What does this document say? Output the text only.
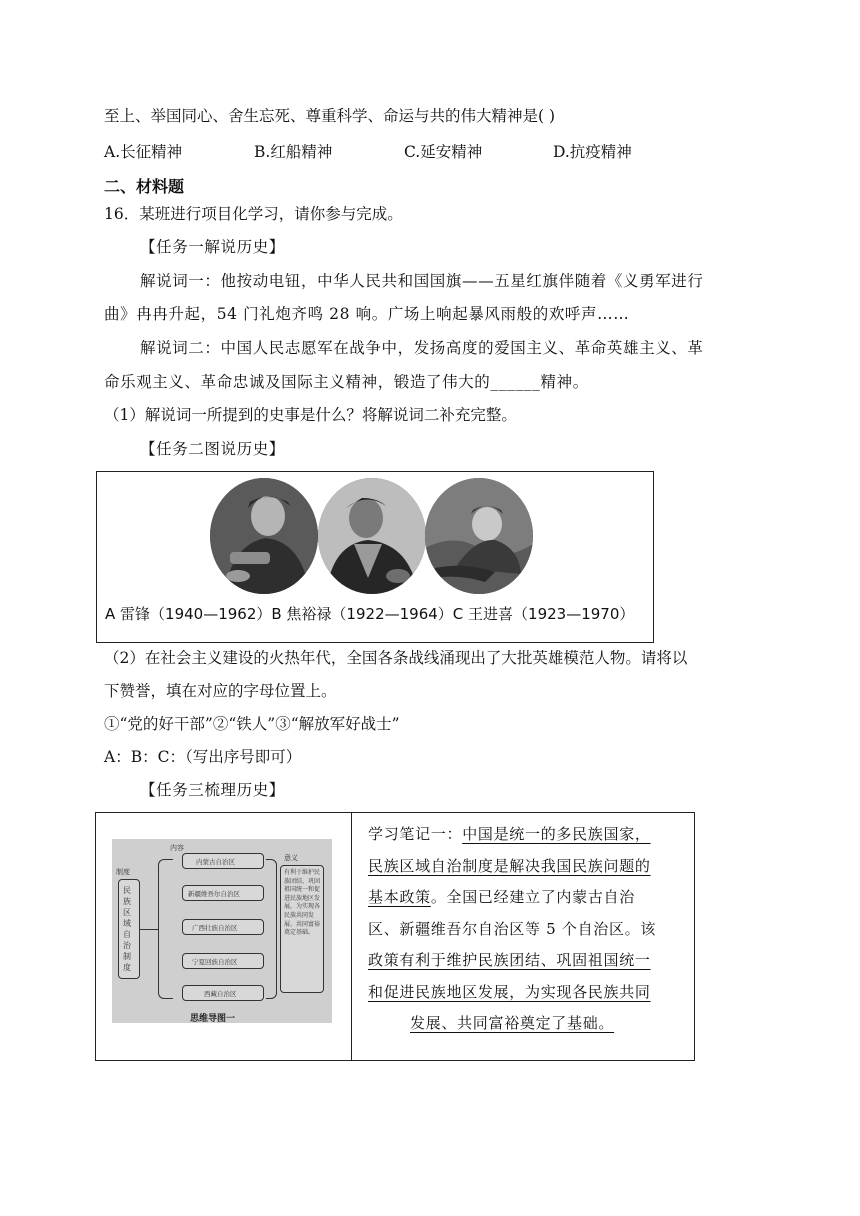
至上、举国同心、舍生忘死、尊重科学、命运与共的伟大精神是( )
A.长征精神	B.红船精神	C.延安精神	D.抗疫精神
二、材料题
16．某班进行项目化学习，请你参与完成。
【任务一解说历史】
解说词一：他按动电钮，中华人民共和国国旗——五星红旗伴随着《义勇军进行
曲》冉冉升起，54 门礼炮齐鸣 28 响。广场上响起暴风雨般的欢呼声……
解说词二：中国人民志愿军在战争中，发扬高度的爱国主义、革命英雄主义、革
命乐观主义、革命忠诚及国际主义精神，锻造了伟大的______精神。
（1）解说词一所提到的史事是什么？将解说词二补充完整。
【任务二图说历史】
A 雷锋（1940—1962）B 焦裕禄（1922—1964）C 王进喜（1923—1970）
（2）在社会主义建设的火热年代，全国各条战线涌现出了大批英雄模范人物。请将以
下赞誉，填在对应的字母位置上。
①“党的好干部”②“铁人”③“解放军好战士”
A：B：C：（写出序号即可）
【任务三梳理历史】
内容
制度
民族区域自治制度
内蒙古自治区
新疆维吾尔自治区
广西壮族自治区
宁夏回族自治区
西藏自治区
意义
有利于维护民族团结、巩固祖国统一和促进民族地区发展，为实现各民族共同发展、共同富裕奠定基础。
思维导图一
学习笔记一：中国是统一的多民族国家，
民族区域自治制度是解决我国民族问题的
基本政策。全国已经建立了内蒙古自治
区、新疆维吾尔自治区等 5 个自治区。该
政策有利于维护民族团结、巩固祖国统一
和促进民族地区发展，为实现各民族共同
发展、共同富裕奠定了基础。
